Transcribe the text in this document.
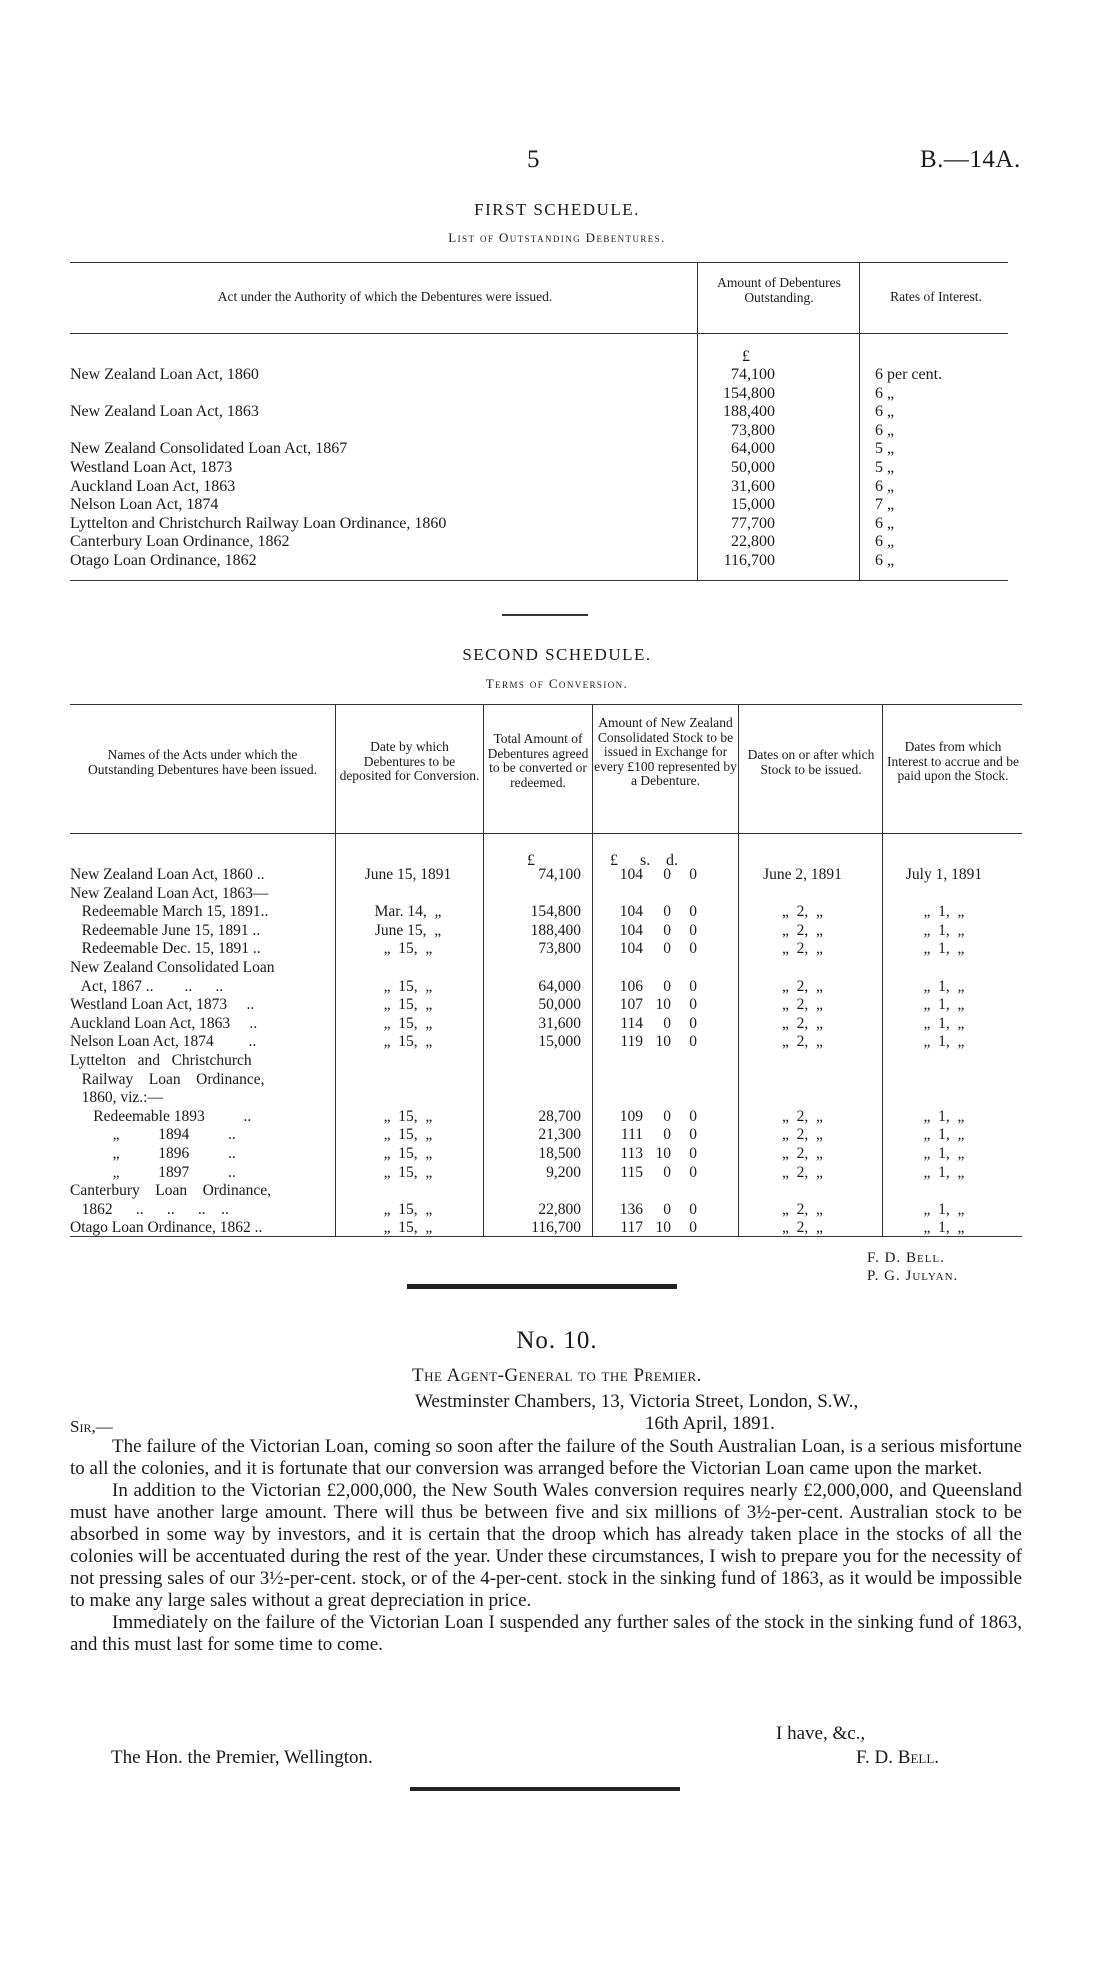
5	B.—14A.
FIRST SCHEDULE.
List of Outstanding Debentures.
Act under the Authority of which the Debentures were issued.
Amount of Debentures Outstanding.	Rates of Interest.
£
New Zealand Loan Act, 1860	74,100		6 per cent.
	154,800		6 „
New Zealand Loan Act, 1863	188,400		6 „
	73,800		6 „
New Zealand Consolidated Loan Act, 1867	64,000		5 „
Westland Loan Act, 1873	50,000		5 „
Auckland Loan Act, 1863	31,600		6 „
Nelson Loan Act, 1874	15,000		7 „
Lyttelton and Christchurch Railway Loan Ordinance, 1860	77,700		6 „
Canterbury Loan Ordinance, 1862	22,800		6 „
Otago Loan Ordinance, 1862	116,700		6 „
SECOND SCHEDULE.
Terms of Conversion.
Names of the Acts under which the Outstanding Debentures have been issued.
Date by which Debentures to be deposited for Conversion.
Total Amount of Debentures agreed to be converted or redeemed.
Amount of New Zealand Consolidated Stock to be issued in Exchange for every £100 represented by a Debenture.
Dates on or after which Stock to be issued.
Dates from which Interest to accrue and be paid upon the Stock.
£	£ s. d.
New Zealand Loan Act, 1860 ..	June 15, 1891	74,100		104	0	0		June 2, 1891	July 1, 1891
New Zealand Loan Act, 1863—									
Redeemable March 15, 1891..	Mar. 14,  „	154,800		104	0	0		„  2,  „	„  1,  „
Redeemable June 15, 1891 ..	June 15,  „	188,400		104	0	0		„  2,  „	„  1,  „
Redeemable Dec. 15, 1891 ..	„  15,  „	73,800		104	0	0		„  2,  „	„  1,  „
New Zealand Consolidated Loan									
Act, 1867 ..        ..      ..	„  15,  „	64,000		106	0	0		„  2,  „	„  1,  „
Westland Loan Act, 1873     ..	„  15,  „	50,000		107	10	0		„  2,  „	„  1,  „
Auckland Loan Act, 1863     ..	„  15,  „	31,600		114	0	0		„  2,  „	„  1,  „
Nelson Loan Act, 1874         ..	„  15,  „	15,000		119	10	0		„  2,  „	„  1,  „
Lyttelton   and   Christchurch									
Railway    Loan    Ordinance,									
1860, viz.:—									
Redeemable 1893          ..	„  15,  „	28,700		109	0	0		„  2,  „	„  1,  „
„          1894          ..	„  15,  „	21,300		111	0	0		„  2,  „	„  1,  „
„          1896          ..	„  15,  „	18,500		113	10	0		„  2,  „	„  1,  „
„          1897          ..	„  15,  „	9,200		115	0	0		„  2,  „	„  1,  „
Canterbury    Loan    Ordinance,									
1862      ..      ..      ..    ..	„  15,  „	22,800		136	0	0		„  2,  „	„  1,  „
Otago Loan Ordinance, 1862 ..	„  15,  „	116,700		117	10	0		„  2,  „	„  1,  „
F. D. Bell.
P. G. Julyan.
No. 10.
The Agent-General to the Premier.
Westminster Chambers, 13, Victoria Street, London, S.W.,
16th April, 1891.
Sir,—

The failure of the Victorian Loan, coming so soon after the failure of the South Australian Loan, is a serious misfortune to all the colonies, and it is fortunate that our conversion was arranged before the Victorian Loan came upon the market.

In addition to the Victorian £2,000,000, the New South Wales conversion requires nearly £2,000,000, and Queensland must have another large amount. There will thus be between five and six millions of 3½-per-cent. Australian stock to be absorbed in some way by investors, and it is certain that the droop which has already taken place in the stocks of all the colonies will be accentuated during the rest of the year. Under these circumstances, I wish to prepare you for the necessity of not pressing sales of our 3½-per-cent. stock, or of the 4-per-cent. stock in the sinking fund of 1863, as it would be impossible to make any large sales without a great depreciation in price.

Immediately on the failure of the Victorian Loan I suspended any further sales of the stock in the sinking fund of 1863, and this must last for some time to come.

I have, &c.,
The Hon. the Premier, Wellington.	F. D. Bell.
